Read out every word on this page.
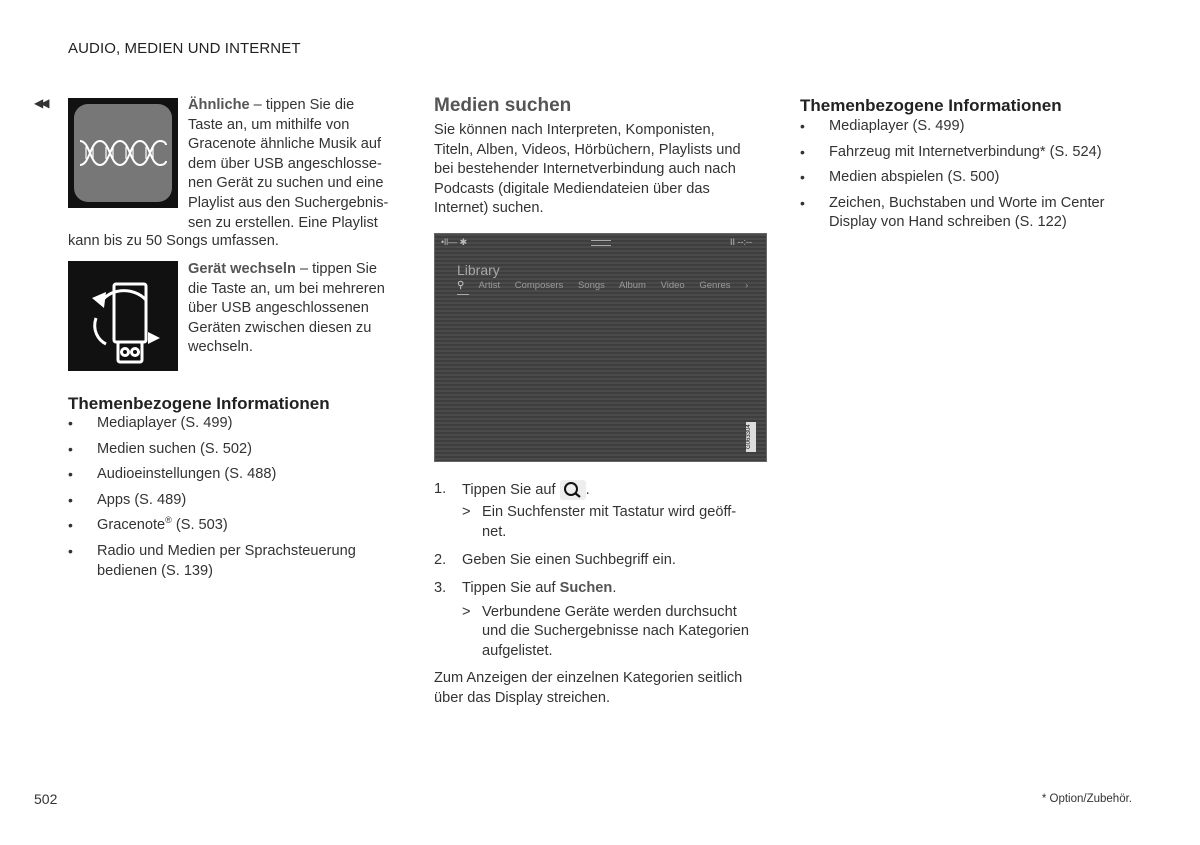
AUDIO, MEDIEN UND INTERNET
◀◀	Ähnliche – tippen Sie die
Taste an, um mithilfe von
Gracenote ähnliche Musik auf
dem über USB angeschlosse-
nen Gerät zu suchen und eine
Playlist aus den Suchergebnis-
sen zu erstellen. Eine Playlist
kann bis zu 50 Songs umfassen.
Gerät wechseln – tippen Sie
die Taste an, um bei mehreren
über USB angeschlossenen
Geräten zwischen diesen zu
wechseln.
Themenbezogene Informationen
• Mediaplayer (S. 499)
• Medien suchen (S. 502)
• Audioeinstellungen (S. 488)
• Apps (S. 489)
• Gracenote® (S. 503)
• Radio und Medien per Sprachsteuerung
bedienen (S. 139)
Medien suchen
Sie können nach Interpreten, Komponisten,
Titeln, Alben, Videos, Hörbüchern, Playlists und
bei bestehender Internetverbindung auch nach
Podcasts (digitale Mediendateien über das
Internet) suchen.
•ll— ✱	II --:--
Library
⚲ Artist Composers Songs Album Video Genres ›
G063304
1. Tippen Sie auf .
> Ein Suchfenster mit Tastatur wird geöff-
net.
2. Geben Sie einen Suchbegriff ein.
3. Tippen Sie auf Suchen.
> Verbundene Geräte werden durchsucht
und die Suchergebnisse nach Kategorien
aufgelistet.
Zum Anzeigen der einzelnen Kategorien seitlich
über das Display streichen.
Themenbezogene Informationen
• Mediaplayer (S. 499)
• Fahrzeug mit Internetverbindung* (S. 524)
• Medien abspielen (S. 500)
• Zeichen, Buchstaben und Worte im Center
Display von Hand schreiben (S. 122)
502	* Option/Zubehör.
